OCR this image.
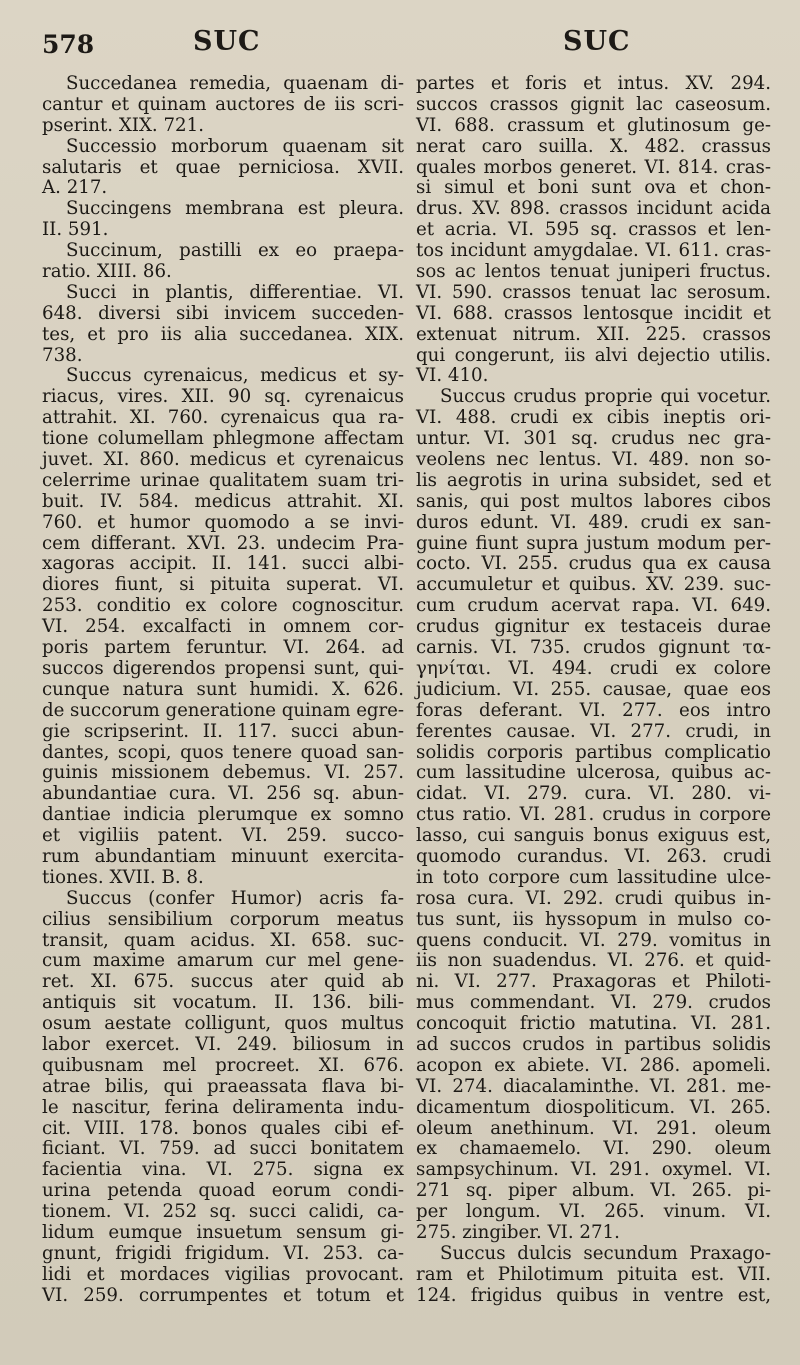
578	SUC	SUC
Succedanea remedia, quaenam di-
cantur et quinam auctores de iis scri-
pserint. XIX. 721.
Successio morborum quaenam sit
salutaris et quae perniciosa. XVII.
A. 217.
Succingens membrana est pleura.
II. 591.
Succinum, pastilli ex eo praepa-
ratio. XIII. 86.
Succi in plantis, differentiae. VI.
648. diversi sibi invicem succeden-
tes, et pro iis alia succedanea. XIX.
738.
Succus cyrenaicus, medicus et sy-
riacus, vires. XII. 90 sq. cyrenaicus
attrahit. XI. 760. cyrenaicus qua ra-
tione columellam phlegmone affectam
juvet. XI. 860. medicus et cyrenaicus
celerrime urinae qualitatem suam tri-
buit. IV. 584. medicus attrahit. XI.
760. et humor quomodo a se invi-
cem differant. XVI. 23. undecim Pra-
xagoras accipit. II. 141. succi albi-
diores fiunt, si pituita superat. VI.
253. conditio ex colore cognoscitur.
VI. 254. excalfacti in omnem cor-
poris partem feruntur. VI. 264. ad
succos digerendos propensi sunt, qui-
cunque natura sunt humidi. X. 626.
de succorum generatione quinam egre-
gie scripserint. II. 117. succi abun-
dantes, scopi, quos tenere quoad san-
guinis missionem debemus. VI. 257.
abundantiae cura. VI. 256 sq. abun-
dantiae indicia plerumque ex somno
et vigiliis patent. VI. 259. succo-
rum abundantiam minuunt exercita-
tiones. XVII. B. 8.
Succus (confer Humor) acris fa-
cilius sensibilium corporum meatus
transit, quam acidus. XI. 658. suc-
cum maxime amarum cur mel gene-
ret. XI. 675. succus ater quid ab
antiquis sit vocatum. II. 136. bili-
osum aestate colligunt, quos multus
labor exercet. VI. 249. biliosum in
quibusnam mel procreet. XI. 676.
atrae bilis, qui praeassata flava bi-
le nascitur, ferina deliramenta indu-
cit. VIII. 178. bonos quales cibi ef-
ficiant. VI. 759. ad succi bonitatem
facientia vina. VI. 275. signa ex
urina petenda quoad eorum condi-
tionem. VI. 252 sq. succi calidi, ca-
lidum eumque insuetum sensum gi-
gnunt, frigidi frigidum. VI. 253. ca-
lidi et mordaces vigilias provocant.
VI. 259. corrumpentes et totum et
partes et foris et intus. XV. 294.
succos crassos gignit lac caseosum.
VI. 688. crassum et glutinosum ge-
nerat caro suilla. X. 482. crassus
quales morbos generet. VI. 814. cras-
si simul et boni sunt ova et chon-
drus. XV. 898. crassos incidunt acida
et acria. VI. 595 sq. crassos et len-
tos incidunt amygdalae. VI. 611. cras-
sos ac lentos tenuat juniperi fructus.
VI. 590. crassos tenuat lac serosum.
VI. 688. crassos lentosque incidit et
extenuat nitrum. XII. 225. crassos
qui congerunt, iis alvi dejectio utilis.
VI. 410.
Succus crudus proprie qui vocetur.
VI. 488. crudi ex cibis ineptis ori-
untur. VI. 301 sq. crudus nec gra-
veolens nec lentus. VI. 489. non so-
lis aegrotis in urina subsidet, sed et
sanis, qui post multos labores cibos
duros edunt. VI. 489. crudi ex san-
guine fiunt supra justum modum per-
cocto. VI. 255. crudus qua ex causa
accumuletur et quibus. XV. 239. suc-
cum crudum acervat rapa. VI. 649.
crudus gignitur ex testaceis durae
carnis. VI. 735. crudos gignunt τα-
γηνίται. VI. 494. crudi ex colore
judicium. VI. 255. causae, quae eos
foras deferant. VI. 277. eos intro
ferentes causae. VI. 277. crudi, in
solidis corporis partibus complicatio
cum lassitudine ulcerosa, quibus ac-
cidat. VI. 279. cura. VI. 280. vi-
ctus ratio. VI. 281. crudus in corpore
lasso, cui sanguis bonus exiguus est,
quomodo curandus. VI. 263. crudi
in toto corpore cum lassitudine ulce-
rosa cura. VI. 292. crudi quibus in-
tus sunt, iis hyssopum in mulso co-
quens conducit. VI. 279. vomitus in
iis non suadendus. VI. 276. et quid-
ni. VI. 277. Praxagoras et Philoti-
mus commendant. VI. 279. crudos
concoquit frictio matutina. VI. 281.
ad succos crudos in partibus solidis
acopon ex abiete. VI. 286. apomeli.
VI. 274. diacalaminthe. VI. 281. me-
dicamentum diospoliticum. VI. 265.
oleum anethinum. VI. 291. oleum
ex chamaemelo. VI. 290. oleum
sampsychinum. VI. 291. oxymel. VI.
271 sq. piper album. VI. 265. pi-
per longum. VI. 265. vinum. VI.
275. zingiber. VI. 271.
Succus dulcis secundum Praxago-
ram et Philotimum pituita est. VII.
124. frigidus quibus in ventre est,
